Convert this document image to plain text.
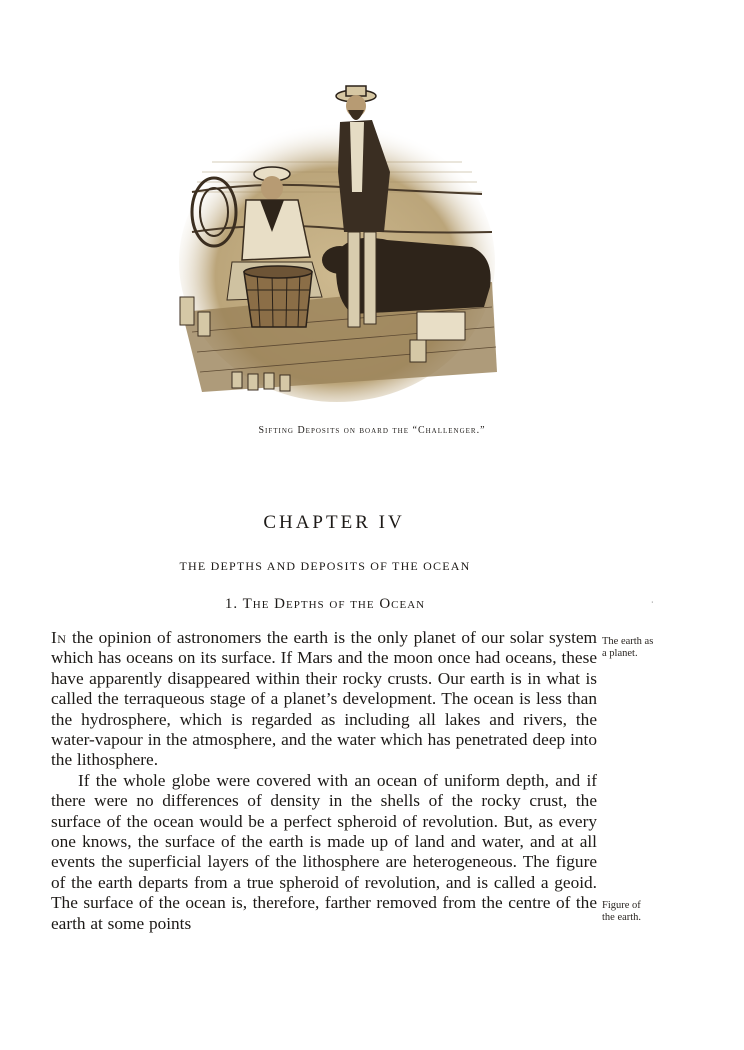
Sifting Deposits on board the “Challenger.”
CHAPTER IV
THE DEPTHS AND DEPOSITS OF THE OCEAN
1. The Depths of the Ocean	‧

In the opinion of astronomers the earth is the only planet of our solar system which has oceans on its surface. If Mars and the moon once had oceans, these have apparently disappeared within their rocky crusts. Our earth is in what is called the terraqueous stage of a planet’s development. The ocean is less than the hydrosphere, which is regarded as including all lakes and rivers, the water-vapour in the atmosphere, and the water which has penetrated deep into the lithosphere.

If the whole globe were covered with an ocean of uniform depth, and if there were no differences of density in the shells of the rocky crust, the surface of the ocean would be a perfect spheroid of revolution. But, as every one knows, the surface of the earth is made up of land and water, and at all events the superficial layers of the lithosphere are heterogeneous. The figure of the earth departs from a true spheroid of revolution, and is called a geoid. The surface of the ocean is, therefore, farther removed from the centre of the earth at some points

The earth as
a planet.
Figure of
the earth.
